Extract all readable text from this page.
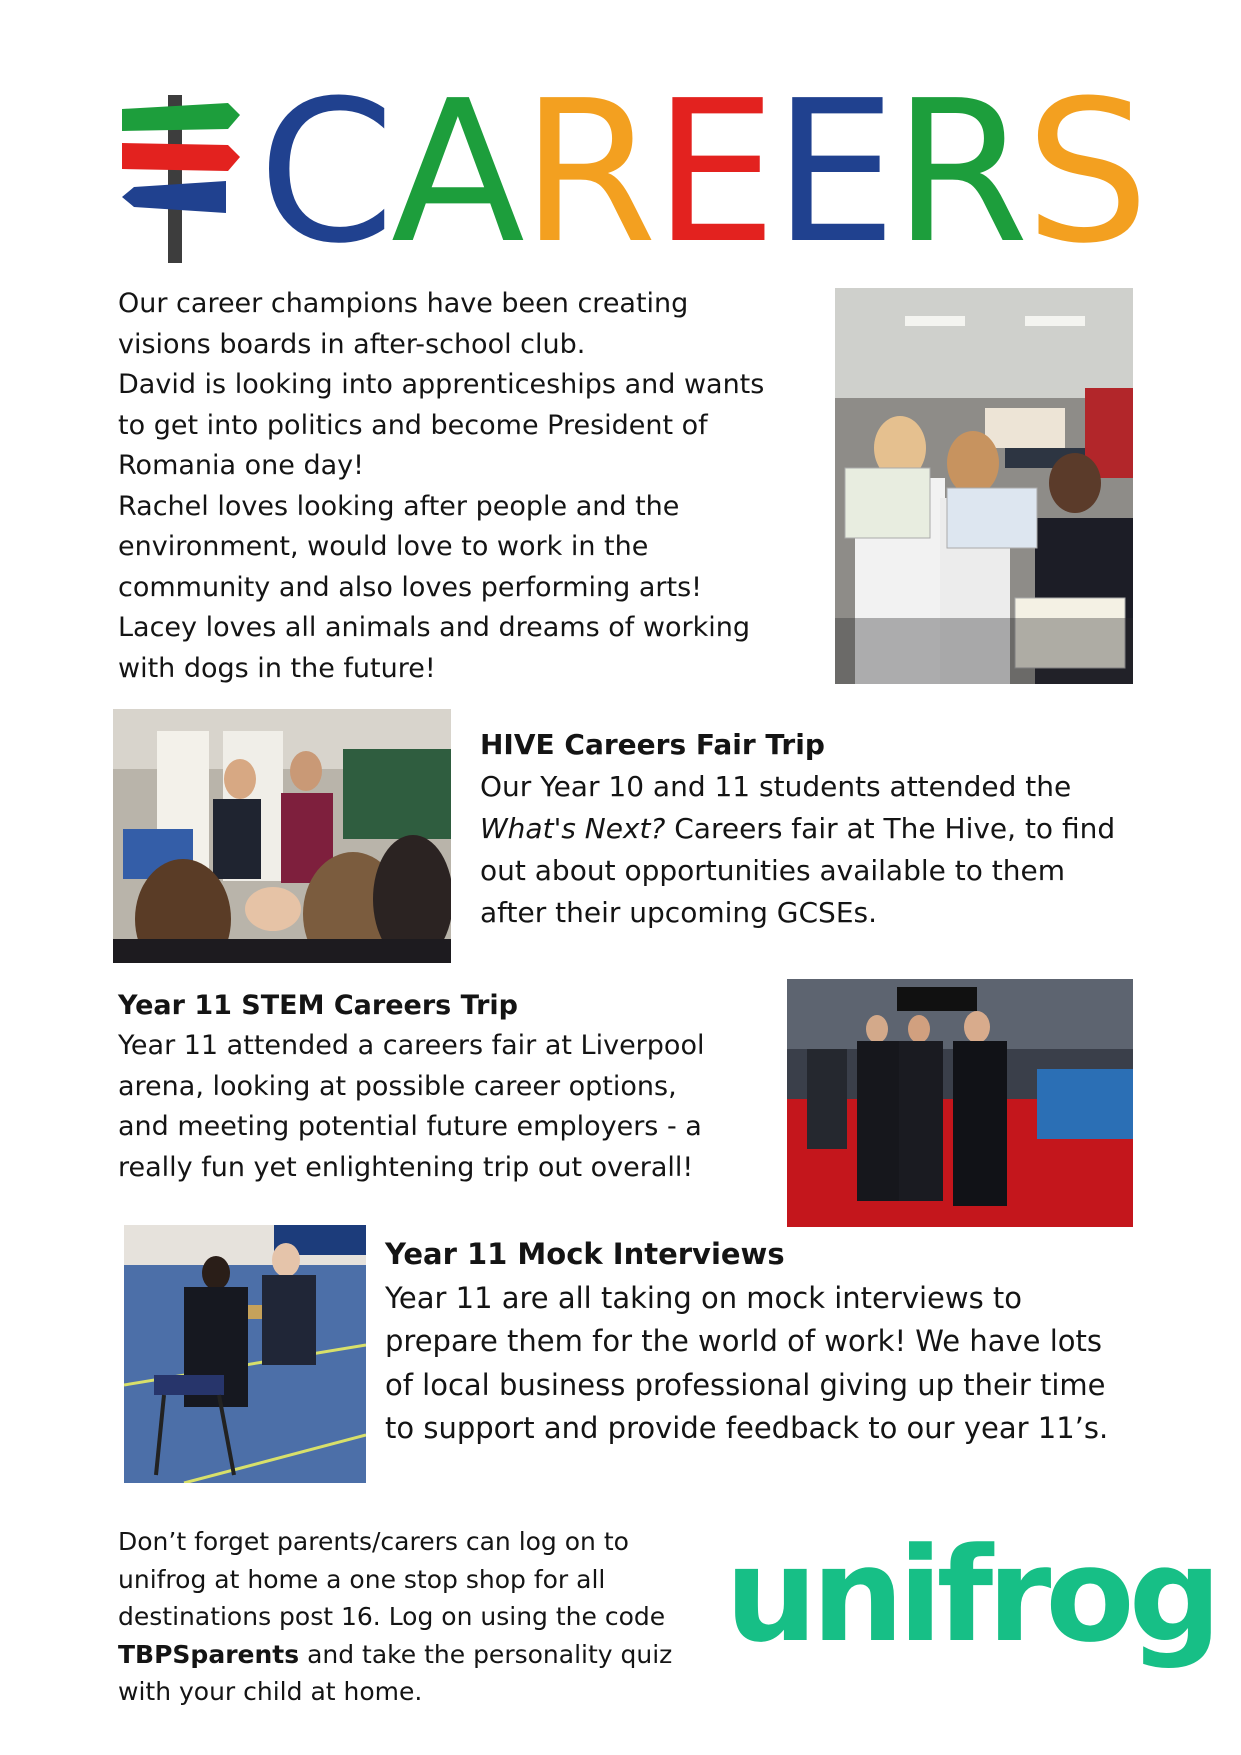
C A R E E R S

Our career champions have been creating

visions boards in after-school club.

David is looking into apprenticeships and wants

to get into politics and become President of

Romania one day!

Rachel loves looking after people and the

environment, would love to work in the

community and also loves performing arts!

Lacey loves all animals and dreams of working

with dogs in the future!

HIVE Careers Fair Trip

Our Year 10 and 11 students attended the

What's Next? Careers fair at The Hive, to find

out about opportunities available to them

after their upcoming GCSEs.

Year 11 STEM Careers Trip

Year 11 attended a careers fair at Liverpool

arena, looking at possible career options,

and meeting potential future employers - a

really fun yet enlightening trip out overall!

Year 11 Mock Interviews

Year 11 are all taking on mock interviews to

prepare them for the world of work! We have lots

of local business professional giving up their time

to support and provide feedback to our year 11’s.

Don’t forget parents/carers can log on to

unifrog at home a one stop shop for all

destinations post 16. Log on using the code

TBPSparents and take the personality quiz

with your child at home.

unifrog
